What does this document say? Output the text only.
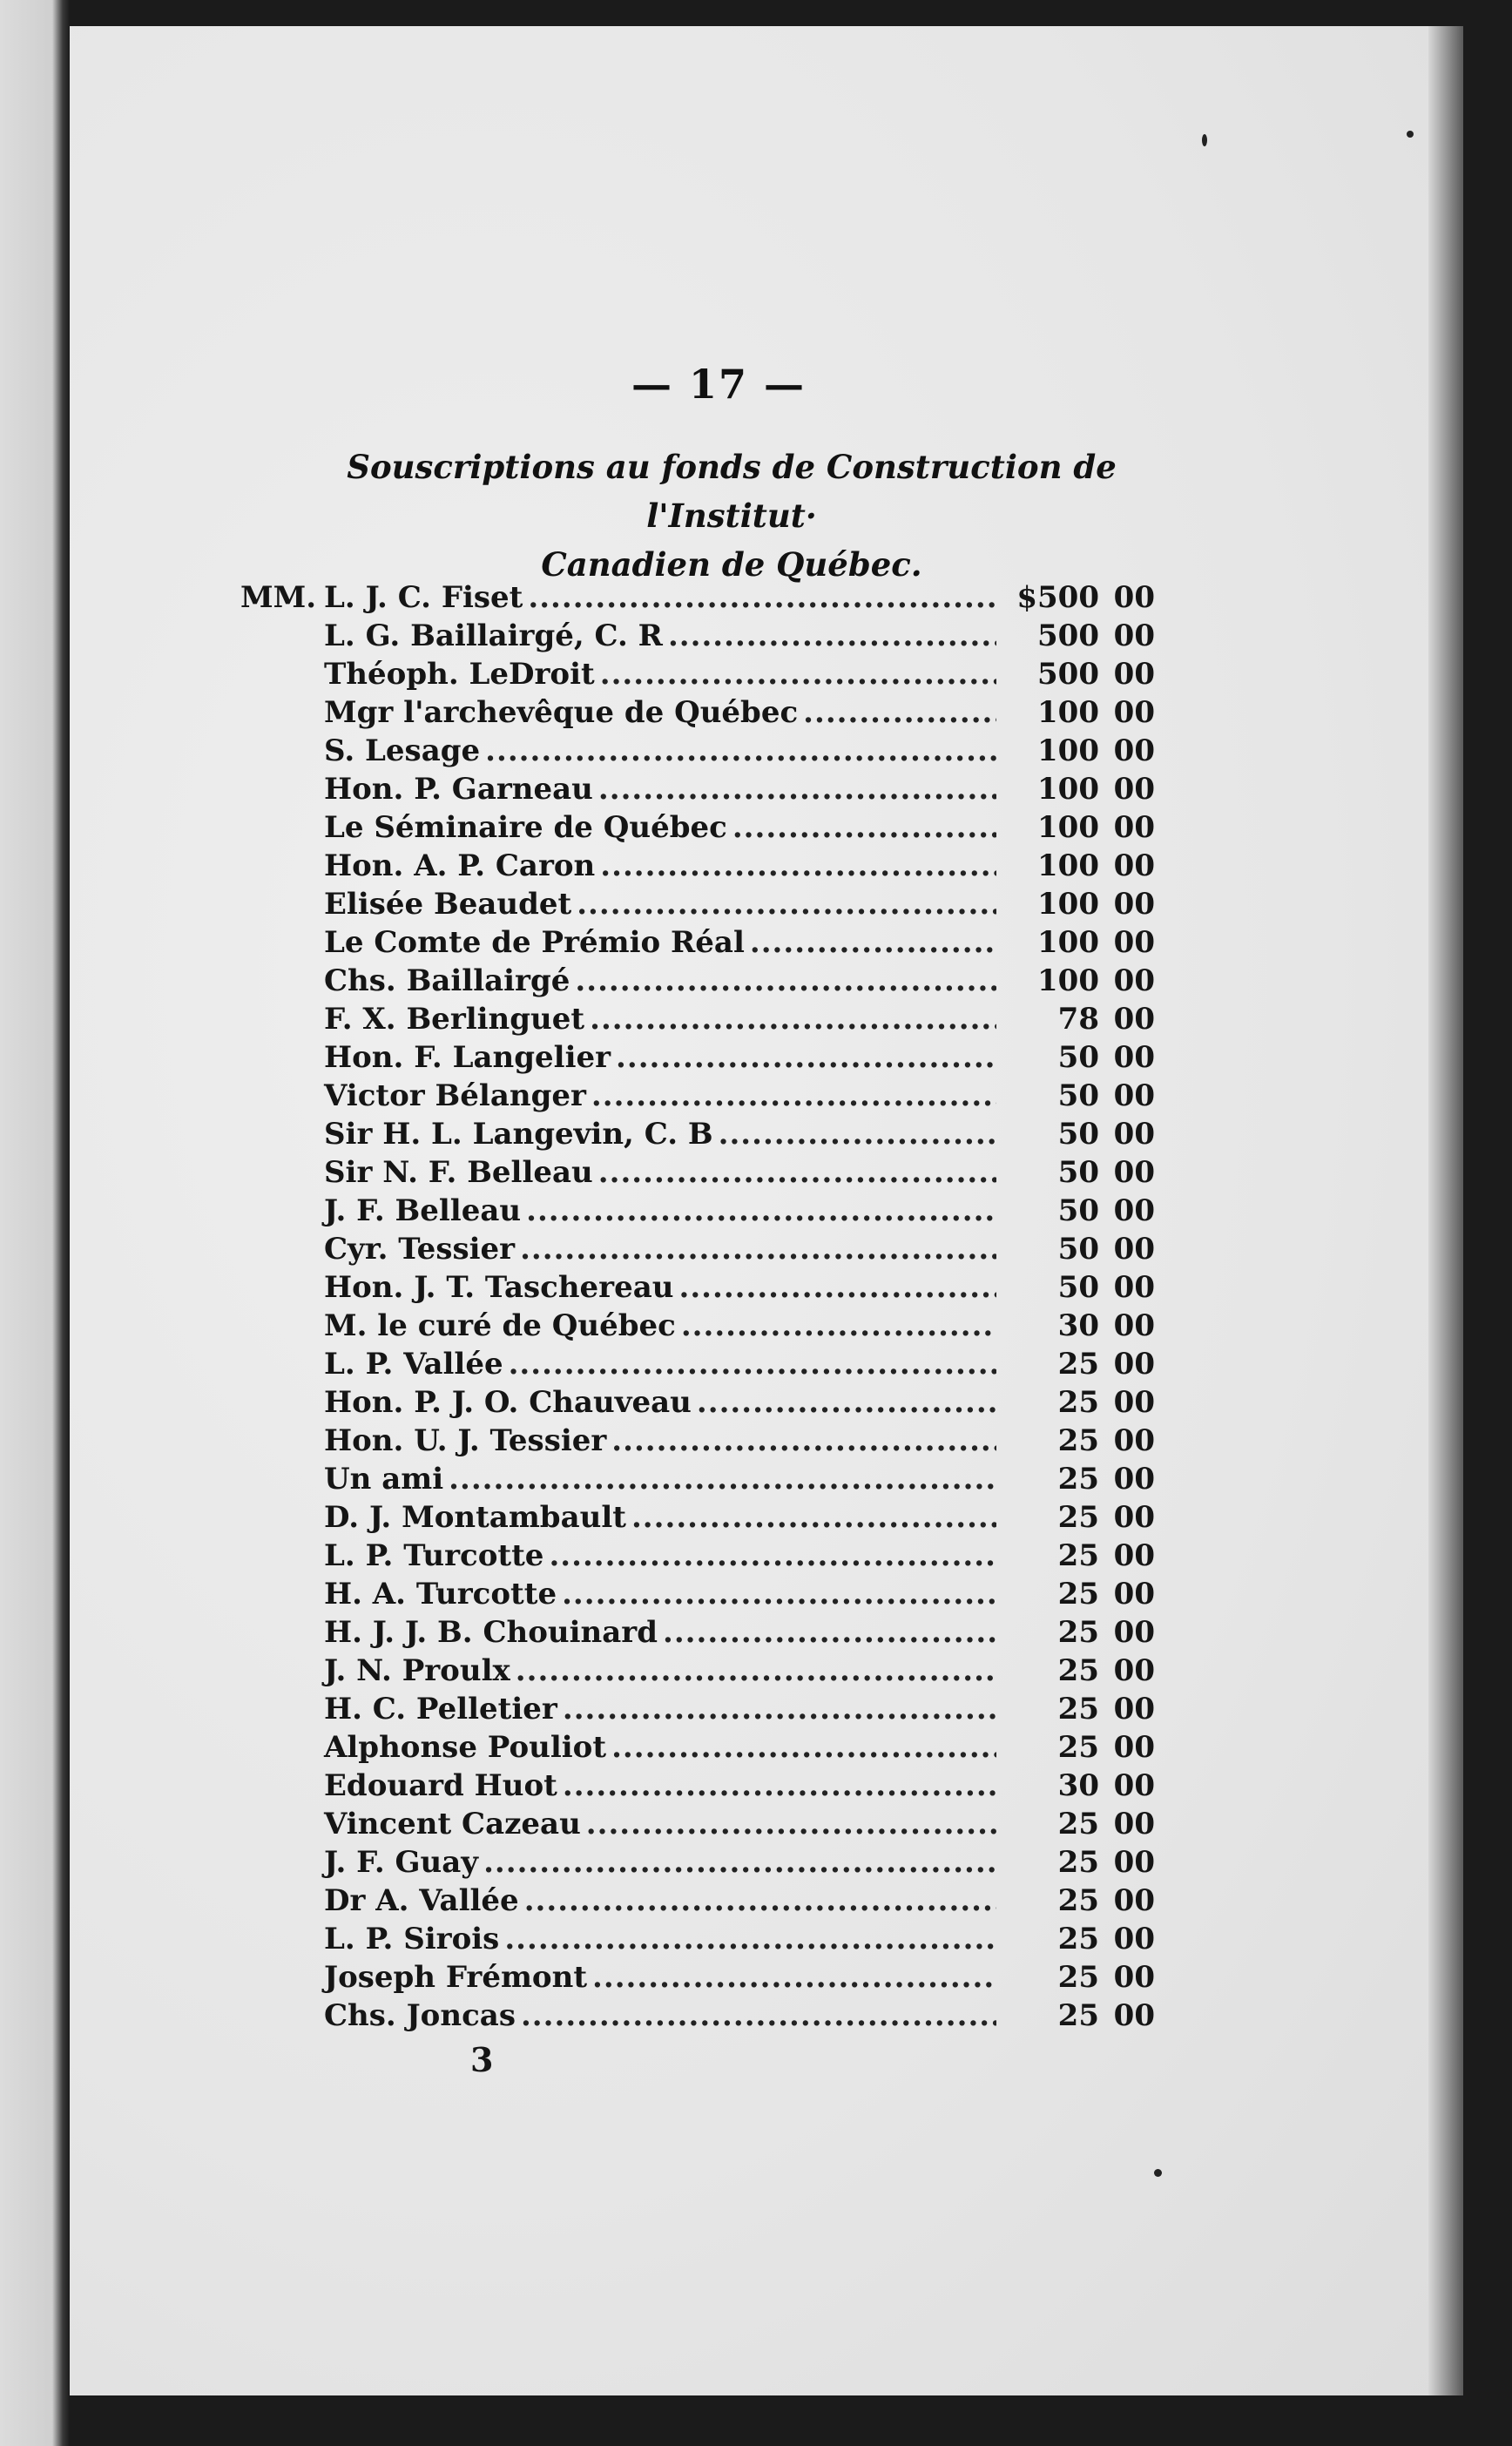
— 17 —
Souscriptions au fonds de Construction de l'Institut·
Canadien de Québec.
MM. L. J. C. Fiset .....	$500 00
L. G. Baillairgé, C. R .....	500 00
Théoph. LeDroit .....	500 00
Mgr l'archevêque de Québec .....	100 00
S. Lesage .....	100 00
Hon. P. Garneau .....	100 00
Le Séminaire de Québec .....	100 00
Hon. A. P. Caron .....	100 00
Elisée Beaudet .....	100 00
Le Comte de Prémio Réal .....	100 00
Chs. Baillairgé .....	100 00
F. X. Berlinguet .....	78 00
Hon. F. Langelier .....	50 00
Victor Bélanger .....	50 00
Sir H. L. Langevin, C. B .....	50 00
Sir N. F. Belleau .....	50 00
J. F. Belleau .....	50 00
Cyr. Tessier .....	50 00
Hon. J. T. Taschereau .....	50 00
M. le curé de Québec .....	30 00
L. P. Vallée .....	25 00
Hon. P. J. O. Chauveau .....	25 00
Hon. U. J. Tessier .....	25 00
Un ami .....	25 00
D. J. Montambault .....	25 00
L. P. Turcotte .....	25 00
H. A. Turcotte .....	25 00
H. J. J. B. Chouinard .....	25 00
J. N. Proulx .....	25 00
H. C. Pelletier .....	25 00
Alphonse Pouliot .....	25 00
Edouard Huot .....	30 00
Vincent Cazeau .....	25 00
J. F. Guay .....	25 00
Dr A. Vallée .....	25 00
L. P. Sirois .....	25 00
Joseph Frémont .....	25 00
Chs. Joncas .....	25 00
3
